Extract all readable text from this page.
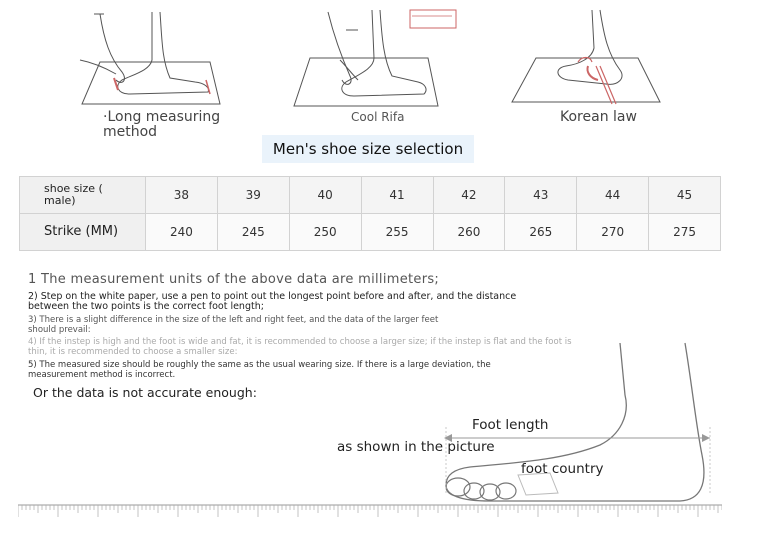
·Long measuring
method
Cool Rifa	Korean law
Men's shoe size selection
shoe size (
male)	38	39	40	41	42	43	44	45
Strike (MM)	240	245	250	255	260	265	270	275
1 The measurement units of the above data are millimeters;
2) Step on the white paper, use a pen to point out the longest point before and after, and the distance
between the two points is the correct foot length;
3) There is a slight difference in the size of the left and right feet, and the data of the larger feet
should prevail:
4) If the instep is high and the foot is wide and fat, it is recommended to choose a larger size; if the instep is flat and the foot is
thin, it is recommended to choose a smaller size:
5) The measured size should be roughly the same as the usual wearing size. If there is a large deviation, the
measurement method is incorrect.
Or the data is not accurate enough:
Foot length
as shown in the picture
foot country
